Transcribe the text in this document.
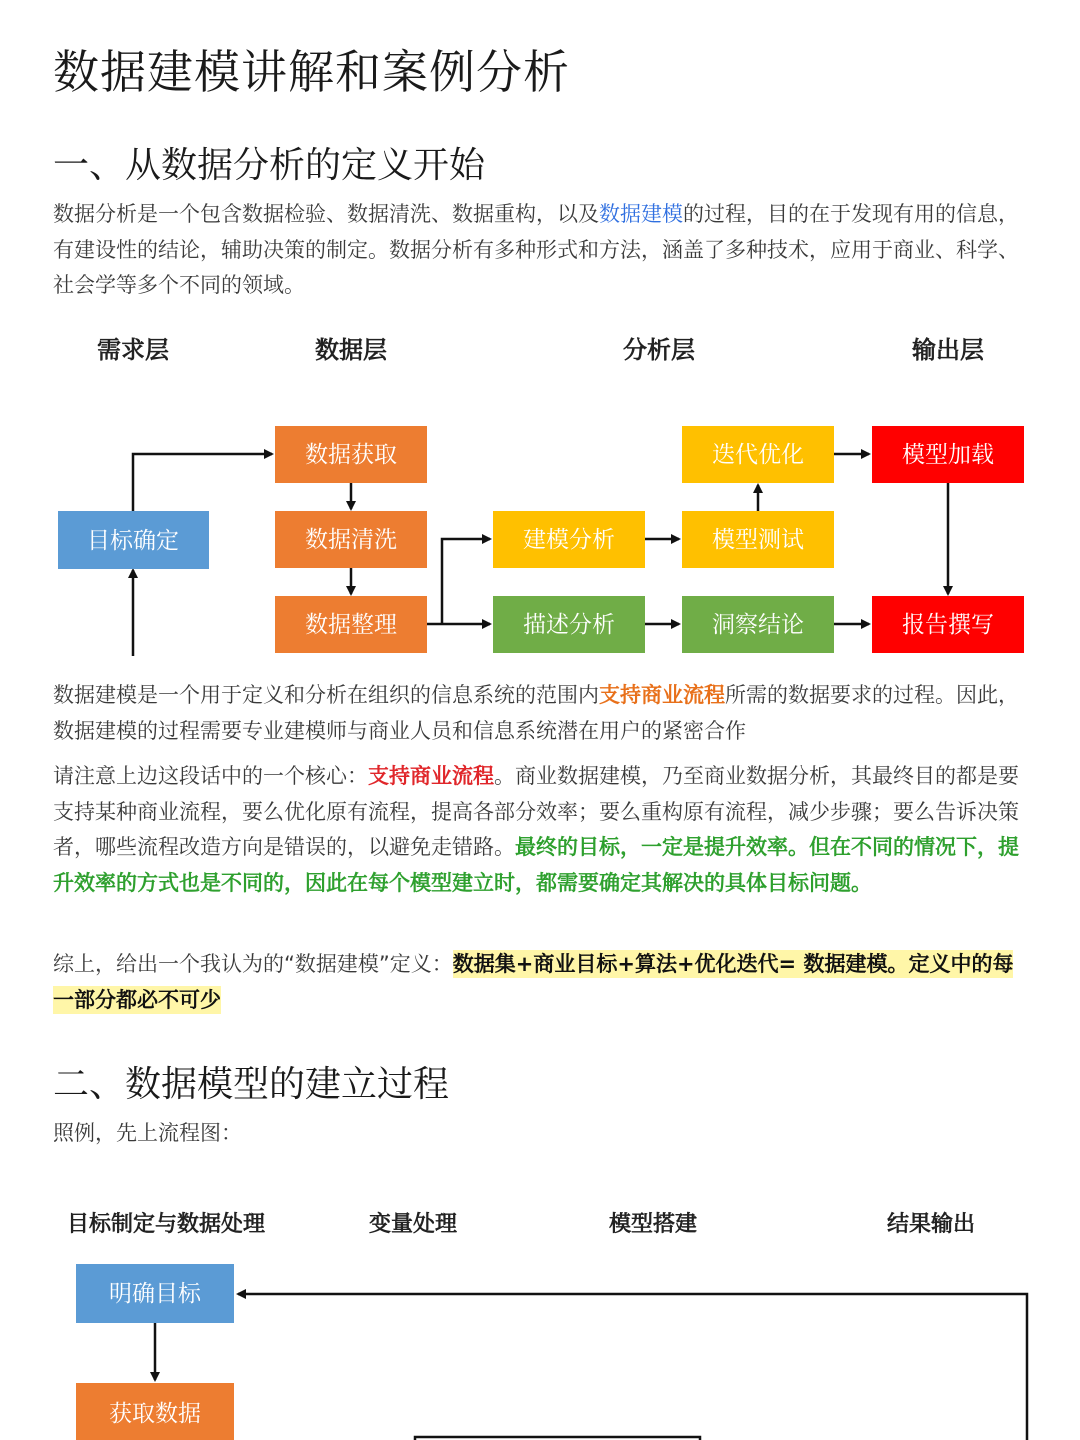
数据建模讲解和案例分析
一、从数据分析的定义开始

数据分析是一个包含数据检验、数据清洗、数据重构，以及数据建模的过程，目的在于发现有用的信息，有建设性的结论，辅助决策的制定。数据分析有多种形式和方法，涵盖了多种技术，应用于商业、科学、社会学等多个不同的领域。

需求层	数据层	分析层	输出层
目标确定
数据获取
数据清洗
数据整理
建模分析
描述分析
迭代优化
模型测试
洞察结论
模型加载
报告撰写

数据建模是一个用于定义和分析在组织的信息系统的范围内支持商业流程所需的数据要求的过程。因此，数据建模的过程需要专业建模师与商业人员和信息系统潜在用户的紧密合作

请注意上边这段话中的一个核心：支持商业流程。商业数据建模，乃至商业数据分析，其最终目的都是要支持某种商业流程，要么优化原有流程，提高各部分效率；要么重构原有流程，减少步骤；要么告诉决策者，哪些流程改造方向是错误的，以避免走错路。最终的目标，一定是提升效率。但在不同的情况下，提升效率的方式也是不同的，因此在每个模型建立时，都需要确定其解决的具体目标问题。

综上，给出一个我认为的“数据建模”定义：数据集+商业目标+算法+优化迭代= 数据建模。定义中的每一部分都必不可少

二、数据模型的建立过程

照例，先上流程图：

目标制定与数据处理	变量处理	模型搭建	结果输出
明确目标
获取数据
